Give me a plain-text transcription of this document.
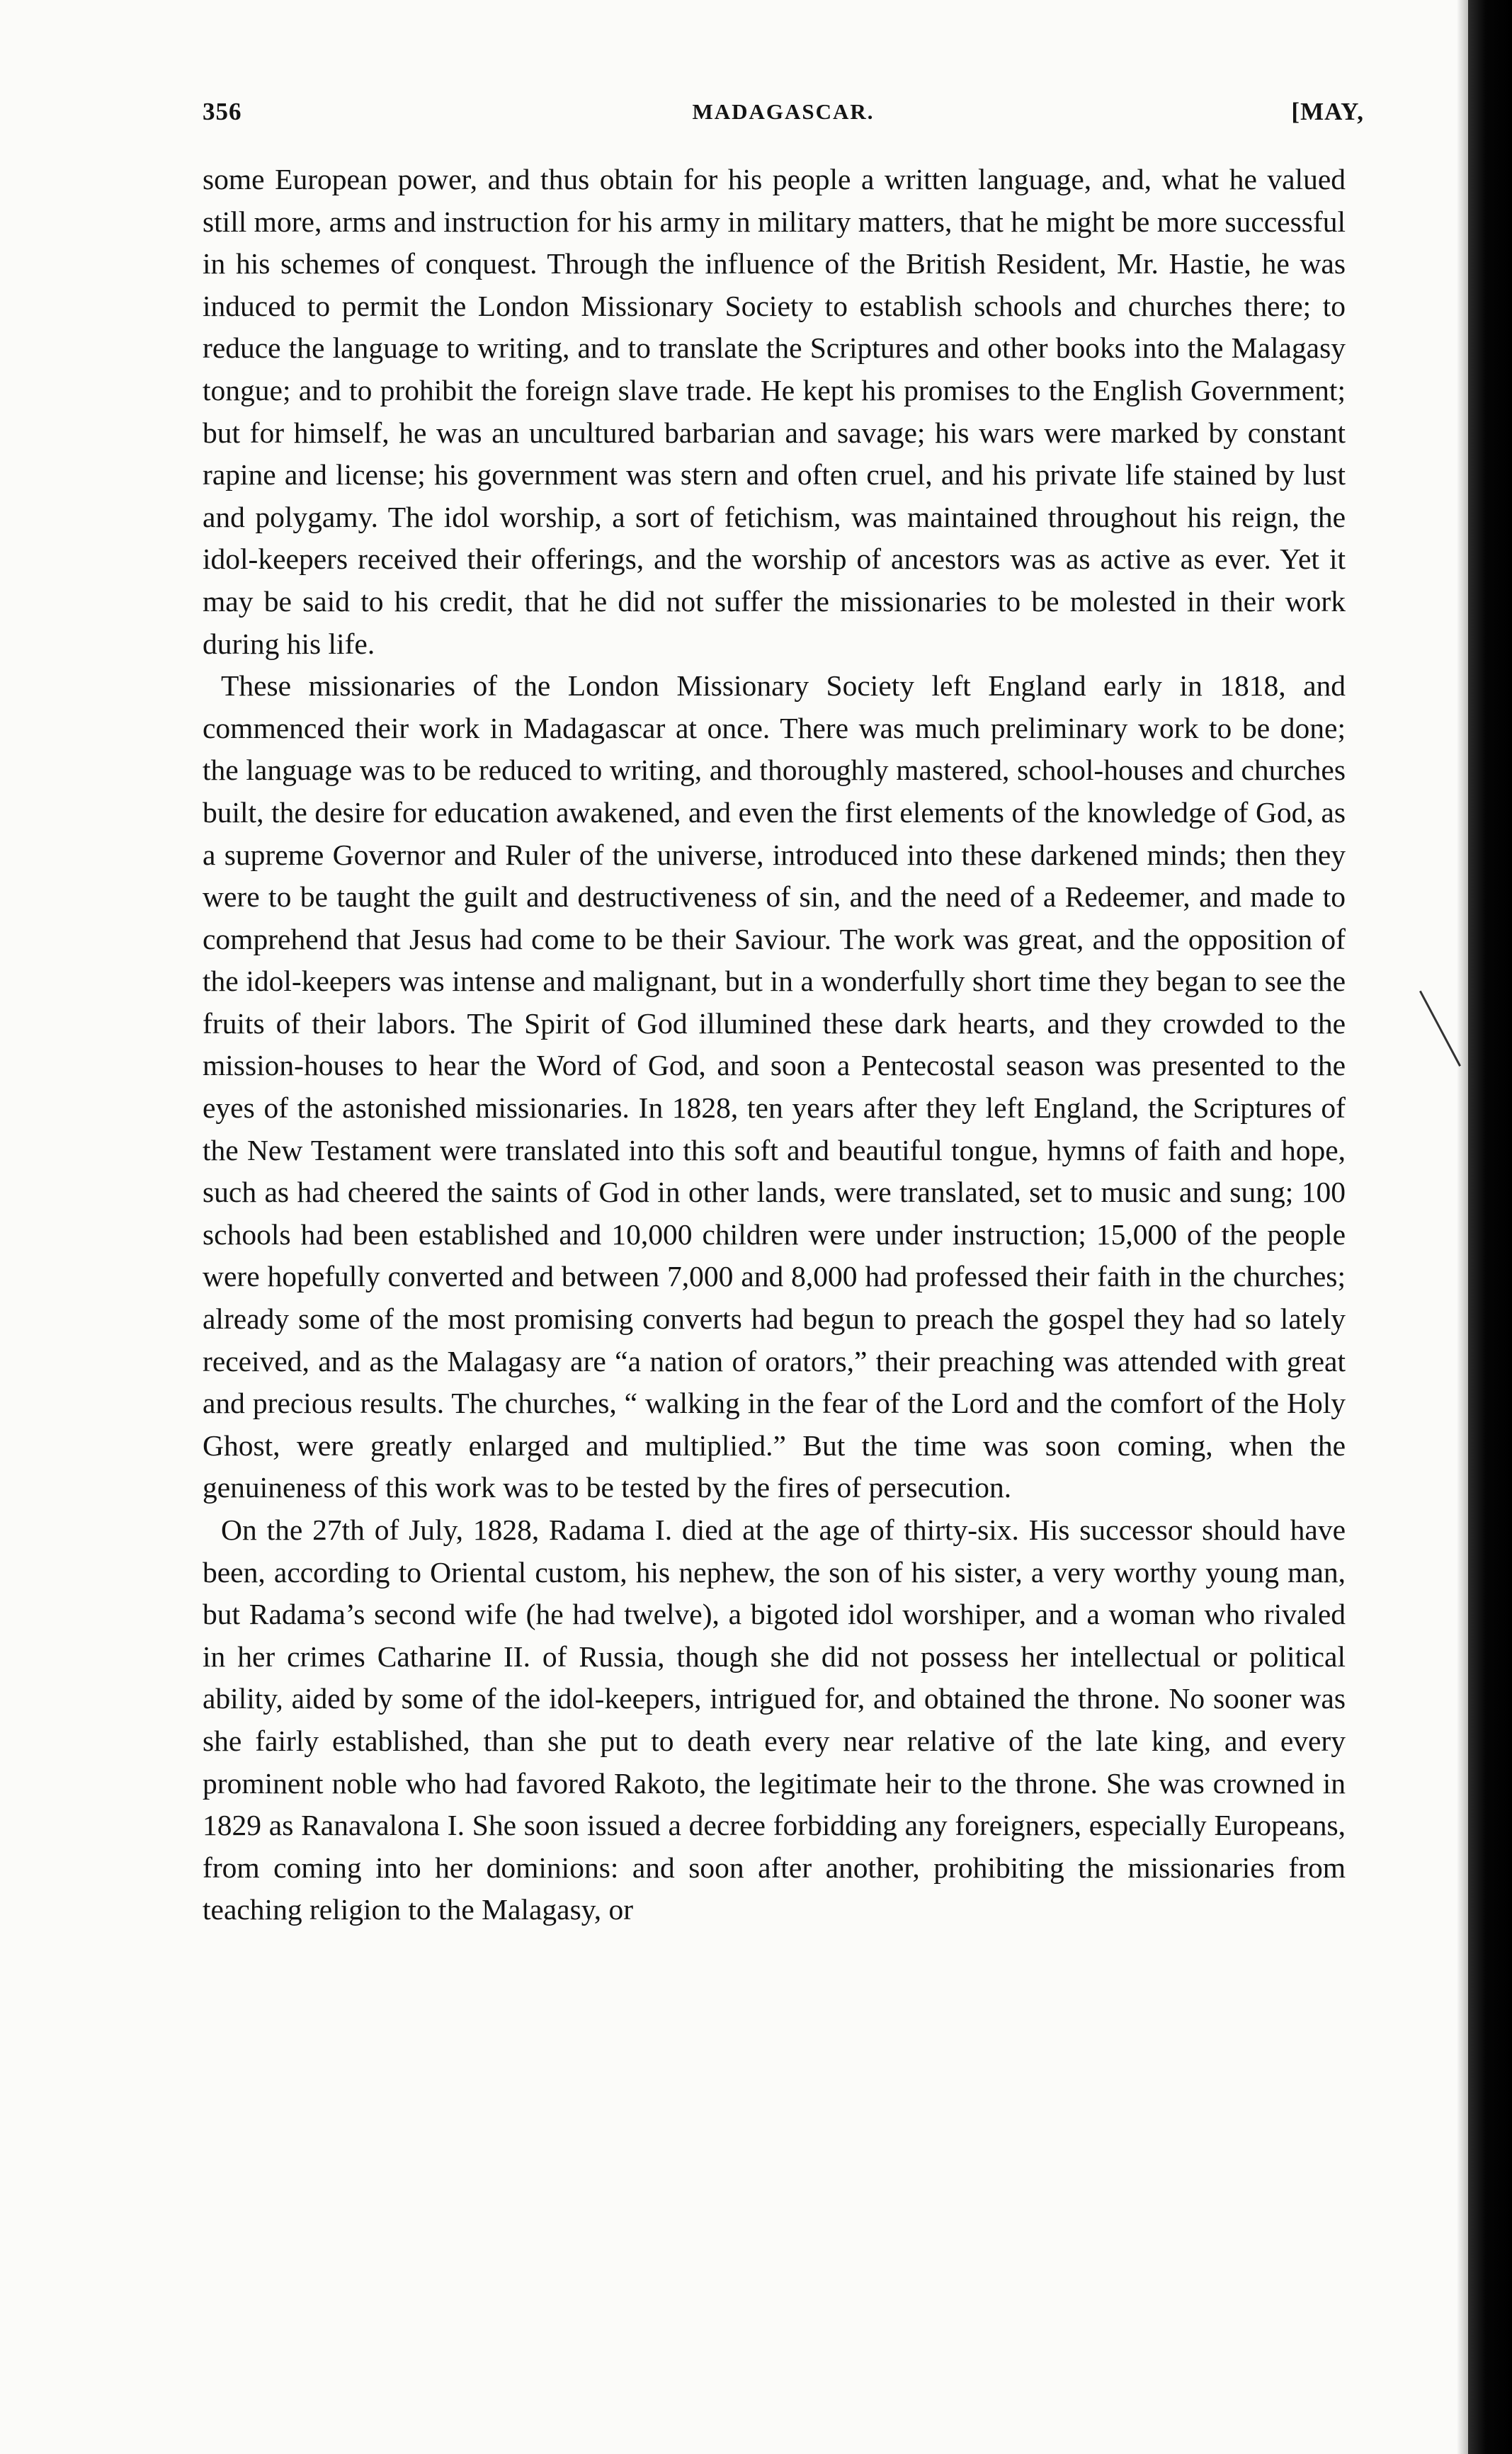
356	MADAGASCAR.	[MAY,

some European power, and thus obtain for his people a written language, and, what he valued still more, arms and instruction for his army in military matters, that he might be more successful in his schemes of conquest. Through the influence of the British Resident, Mr. Hastie, he was induced to permit the London Missionary Society to establish schools and churches there; to reduce the language to writing, and to translate the Scriptures and other books into the Malagasy tongue; and to prohibit the foreign slave trade. He kept his promises to the English Government; but for himself, he was an uncultured barbarian and savage; his wars were marked by constant rapine and license; his government was stern and often cruel, and his private life stained by lust and polygamy. The idol worship, a sort of fetichism, was maintained throughout his reign, the idol-keepers received their offerings, and the worship of ancestors was as active as ever. Yet it may be said to his credit, that he did not suffer the missionaries to be molested in their work during his life.

These missionaries of the London Missionary Society left England early in 1818, and commenced their work in Madagascar at once. There was much preliminary work to be done; the language was to be reduced to writing, and thoroughly mastered, school-houses and churches built, the desire for education awakened, and even the first elements of the knowledge of God, as a supreme Governor and Ruler of the universe, introduced into these darkened minds; then they were to be taught the guilt and destructiveness of sin, and the need of a Redeemer, and made to comprehend that Jesus had come to be their Saviour. The work was great, and the opposition of the idol-keepers was intense and malignant, but in a wonderfully short time they began to see the fruits of their labors. The Spirit of God illumined these dark hearts, and they crowded to the mission-houses to hear the Word of God, and soon a Pentecostal season was presented to the eyes of the astonished missionaries. In 1828, ten years after they left England, the Scriptures of the New Testament were translated into this soft and beautiful tongue, hymns of faith and hope, such as had cheered the saints of God in other lands, were translated, set to music and sung; 100 schools had been established and 10,000 children were under instruction; 15,000 of the people were hopefully converted and between 7,000 and 8,000 had professed their faith in the churches; already some of the most promising converts had begun to preach the gospel they had so lately received, and as the Malagasy are “a nation of orators,” their preaching was attended with great and precious results. The churches, “ walking in the fear of the Lord and the comfort of the Holy Ghost, were greatly enlarged and multiplied.” But the time was soon coming, when the genuineness of this work was to be tested by the fires of persecution.

On the 27th of July, 1828, Radama I. died at the age of thirty-six. His successor should have been, according to Oriental custom, his nephew, the son of his sister, a very worthy young man, but Radama’s second wife (he had twelve), a bigoted idol worshiper, and a woman who rivaled in her crimes Catharine II. of Russia, though she did not possess her intellectual or political ability, aided by some of the idol-keepers, intrigued for, and obtained the throne. No sooner was she fairly established, than she put to death every near relative of the late king, and every prominent noble who had favored Rakoto, the legitimate heir to the throne. She was crowned in 1829 as Ranavalona I. She soon issued a decree forbidding any foreigners, especially Europeans, from coming into her dominions: and soon after another, prohibiting the missionaries from teaching religion to the Malagasy, or
